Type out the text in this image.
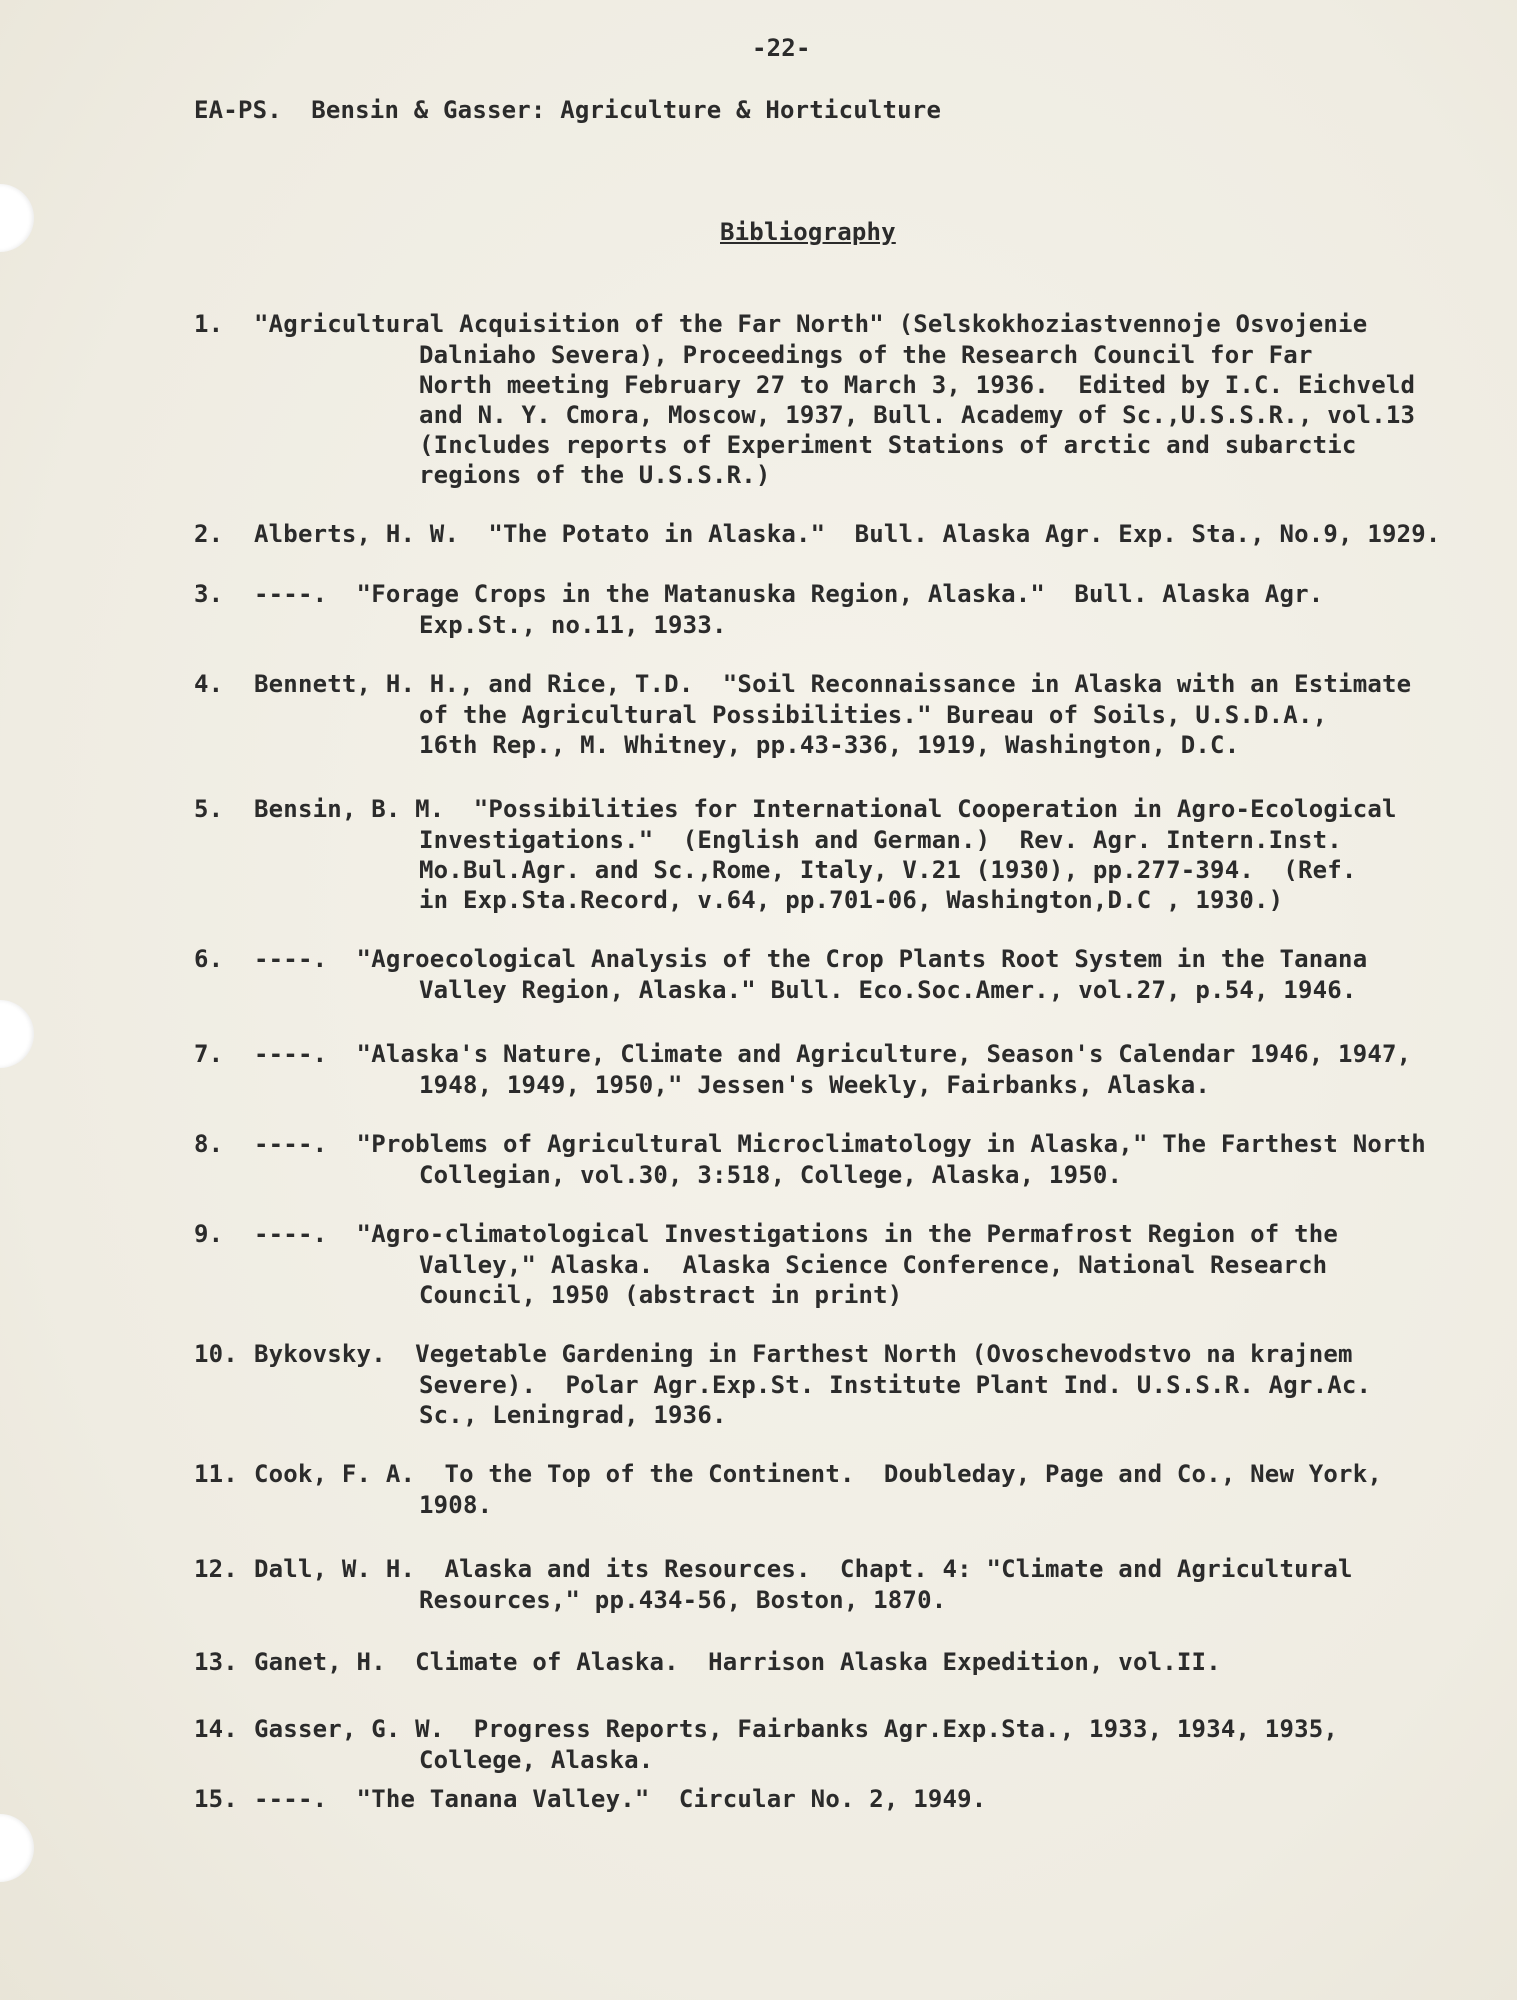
-22-
EA-PS.  Bensin & Gasser: Agriculture & Horticulture
Bibliography
1. "Agricultural Acquisition of the Far North" (Selskokhoziastvennoje Osvojenie
Dalniaho Severa), Proceedings of the Research Council for Far
North meeting February 27 to March 3, 1936.  Edited by I.C. Eichveld
and N. Y. Cmora, Moscow, 1937, Bull. Academy of Sc.,U.S.S.R., vol.13
(Includes reports of Experiment Stations of arctic and subarctic
regions of the U.S.S.R.)
2. Alberts, H. W.  "The Potato in Alaska."  Bull. Alaska Agr. Exp. Sta., No.9, 1929.
3. ----.  "Forage Crops in the Matanuska Region, Alaska."  Bull. Alaska Agr.
Exp.St., no.11, 1933.
4. Bennett, H. H., and Rice, T.D.  "Soil Reconnaissance in Alaska with an Estimate
of the Agricultural Possibilities." Bureau of Soils, U.S.D.A.,
16th Rep., M. Whitney, pp.43-336, 1919, Washington, D.C.
5. Bensin, B. M.  "Possibilities for International Cooperation in Agro-Ecological
Investigations."  (English and German.)  Rev. Agr. Intern.Inst.
Mo.Bul.Agr. and Sc.,Rome, Italy, V.21 (1930), pp.277-394.  (Ref.
in Exp.Sta.Record, v.64, pp.701-06, Washington,D.C , 1930.)
6. ----.  "Agroecological Analysis of the Crop Plants Root System in the Tanana
Valley Region, Alaska." Bull. Eco.Soc.Amer., vol.27, p.54, 1946.
7. ----.  "Alaska's Nature, Climate and Agriculture, Season's Calendar 1946, 1947,
1948, 1949, 1950," Jessen's Weekly, Fairbanks, Alaska.
8. ----.  "Problems of Agricultural Microclimatology in Alaska," The Farthest North
Collegian, vol.30, 3:518, College, Alaska, 1950.
9. ----.  "Agro-climatological Investigations in the Permafrost Region of the
Valley," Alaska.  Alaska Science Conference, National Research
Council, 1950 (abstract in print)
10. Bykovsky.  Vegetable Gardening in Farthest North (Ovoschevodstvo na krajnem
Severe).  Polar Agr.Exp.St. Institute Plant Ind. U.S.S.R. Agr.Ac.
Sc., Leningrad, 1936.
11. Cook, F. A.  To the Top of the Continent.  Doubleday, Page and Co., New York,
1908.
12. Dall, W. H.  Alaska and its Resources.  Chapt. 4: "Climate and Agricultural
Resources," pp.434-56, Boston, 1870.
13. Ganet, H.  Climate of Alaska.  Harrison Alaska Expedition, vol.II.
14. Gasser, G. W.  Progress Reports, Fairbanks Agr.Exp.Sta., 1933, 1934, 1935,
College, Alaska.
15. ----.  "The Tanana Valley."  Circular No. 2, 1949.
